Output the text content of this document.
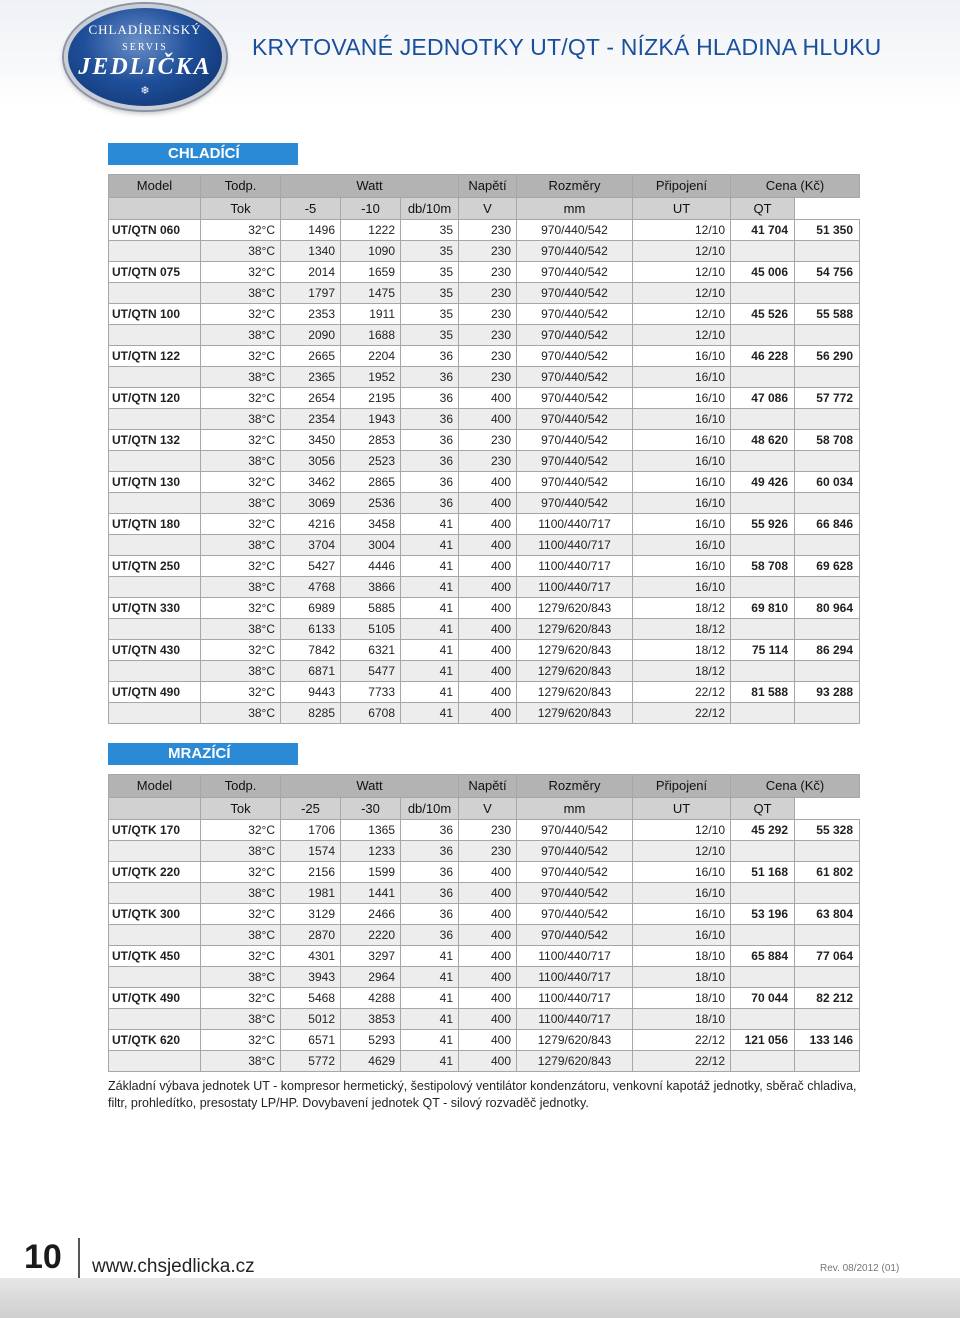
CHLADÍRENSKÝ
SERVIS
JEDLIČKA
❄
KRYTOVANÉ JEDNOTKY UT/QT - NÍZKÁ HLADINA HLUKU
CHLADÍCÍ
Model	Todp.	Watt			Napětí	Rozměry	Připojení	Cena (Kč)	
	Tok	-5	-10	db/10m	V	mm	UT	QT	
UT/QTN 060	32°C	1496	1222	35	230	970/440/542	12/10	41 704	51 350
	38°C	1340	1090	35	230	970/440/542	12/10		
UT/QTN 075	32°C	2014	1659	35	230	970/440/542	12/10	45 006	54 756
	38°C	1797	1475	35	230	970/440/542	12/10		
UT/QTN 100	32°C	2353	1911	35	230	970/440/542	12/10	45 526	55 588
	38°C	2090	1688	35	230	970/440/542	12/10		
UT/QTN 122	32°C	2665	2204	36	230	970/440/542	16/10	46 228	56 290
	38°C	2365	1952	36	230	970/440/542	16/10		
UT/QTN 120	32°C	2654	2195	36	400	970/440/542	16/10	47 086	57 772
	38°C	2354	1943	36	400	970/440/542	16/10		
UT/QTN 132	32°C	3450	2853	36	230	970/440/542	16/10	48 620	58 708
	38°C	3056	2523	36	230	970/440/542	16/10		
UT/QTN 130	32°C	3462	2865	36	400	970/440/542	16/10	49 426	60 034
	38°C	3069	2536	36	400	970/440/542	16/10		
UT/QTN 180	32°C	4216	3458	41	400	1100/440/717	16/10	55 926	66 846
	38°C	3704	3004	41	400	1100/440/717	16/10		
UT/QTN 250	32°C	5427	4446	41	400	1100/440/717	16/10	58 708	69 628
	38°C	4768	3866	41	400	1100/440/717	16/10		
UT/QTN 330	32°C	6989	5885	41	400	1279/620/843	18/12	69 810	80 964
	38°C	6133	5105	41	400	1279/620/843	18/12		
UT/QTN 430	32°C	7842	6321	41	400	1279/620/843	18/12	75 114	86 294
	38°C	6871	5477	41	400	1279/620/843	18/12		
UT/QTN 490	32°C	9443	7733	41	400	1279/620/843	22/12	81 588	93 288
	38°C	8285	6708	41	400	1279/620/843	22/12		
MRAZÍCÍ
Model	Todp.	Watt			Napětí	Rozměry	Připojení	Cena (Kč)	
	Tok	-25	-30	db/10m	V	mm	UT	QT	
UT/QTK 170	32°C	1706	1365	36	230	970/440/542	12/10	45 292	55 328
	38°C	1574	1233	36	230	970/440/542	12/10		
UT/QTK 220	32°C	2156	1599	36	400	970/440/542	16/10	51 168	61 802
	38°C	1981	1441	36	400	970/440/542	16/10		
UT/QTK 300	32°C	3129	2466	36	400	970/440/542	16/10	53 196	63 804
	38°C	2870	2220	36	400	970/440/542	16/10		
UT/QTK 450	32°C	4301	3297	41	400	1100/440/717	18/10	65 884	77 064
	38°C	3943	2964	41	400	1100/440/717	18/10		
UT/QTK 490	32°C	5468	4288	41	400	1100/440/717	18/10	70 044	82 212
	38°C	5012	3853	41	400	1100/440/717	18/10		
UT/QTK 620	32°C	6571	5293	41	400	1279/620/843	22/12	121 056	133 146
	38°C	5772	4629	41	400	1279/620/843	22/12		
Základní výbava jednotek UT - kompresor hermetický, šestipolový ventilátor kondenzátoru, venkovní kapotáž jednotky, sběrač chladiva, filtr, prohledítko, presostaty LP/HP. Dovybavení jednotek QT - silový rozvaděč jednotky.
10 www.chsjedlicka.cz	Rev. 08/2012 (01)
